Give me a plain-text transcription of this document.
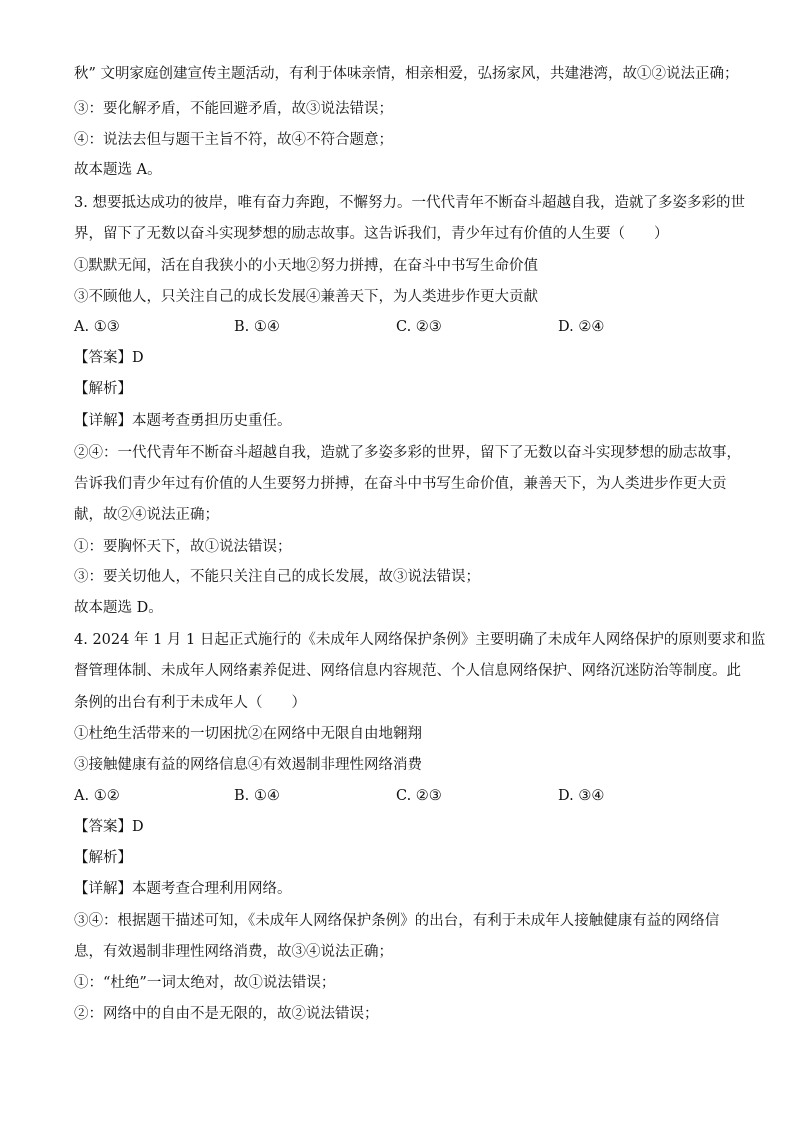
秋” 文明家庭创建宣传主题活动，有利于体味亲情，相亲相爱，弘扬家风，共建港湾，故①②说法正确；
③：要化解矛盾，不能回避矛盾，故③说法错误；
④：说法去但与题干主旨不符，故④不符合题意；
故本题选 A。
3. 想要抵达成功的彼岸，唯有奋力奔跑，不懈努力。一代代青年不断奋斗超越自我，造就了多姿多彩的世
界，留下了无数以奋斗实现梦想的励志故事。这告诉我们，青少年过有价值的人生要（　　）
①默默无闻，活在自我狭小的小天地②努力拼搏，在奋斗中书写生命价值
③不顾他人，只关注自己的成长发展④兼善天下，为人类进步作更大贡献
A. ①③	B. ①④	C. ②③	D. ②④
【答案】D
【解析】
【详解】本题考查勇担历史重任。
②④：一代代青年不断奋斗超越自我，造就了多姿多彩的世界，留下了无数以奋斗实现梦想的励志故事，
告诉我们青少年过有价值的人生要努力拼搏，在奋斗中书写生命价值，兼善天下，为人类进步作更大贡
献，故②④说法正确；
①：要胸怀天下，故①说法错误；
③：要关切他人，不能只关注自己的成长发展，故③说法错误；
故本题选 D。
4. 2024 年 1 月 1 日起正式施行的《未成年人网络保护条例》主要明确了未成年人网络保护的原则要求和监
督管理体制、未成年人网络素养促进、网络信息内容规范、个人信息网络保护、网络沉迷防治等制度。此
条例的出台有利于未成年人（　　）
①杜绝生活带来的一切困扰②在网络中无限自由地翱翔
③接触健康有益的网络信息④有效遏制非理性网络消费
A. ①②	B. ①④	C. ②③	D. ③④
【答案】D
【解析】
【详解】本题考查合理利用网络。
③④：根据题干描述可知，《未成年人网络保护条例》的出台，有利于未成年人接触健康有益的网络信
息，有效遏制非理性网络消费，故③④说法正确；
①：“杜绝”一词太绝对，故①说法错误；
②：网络中的自由不是无限的，故②说法错误；
